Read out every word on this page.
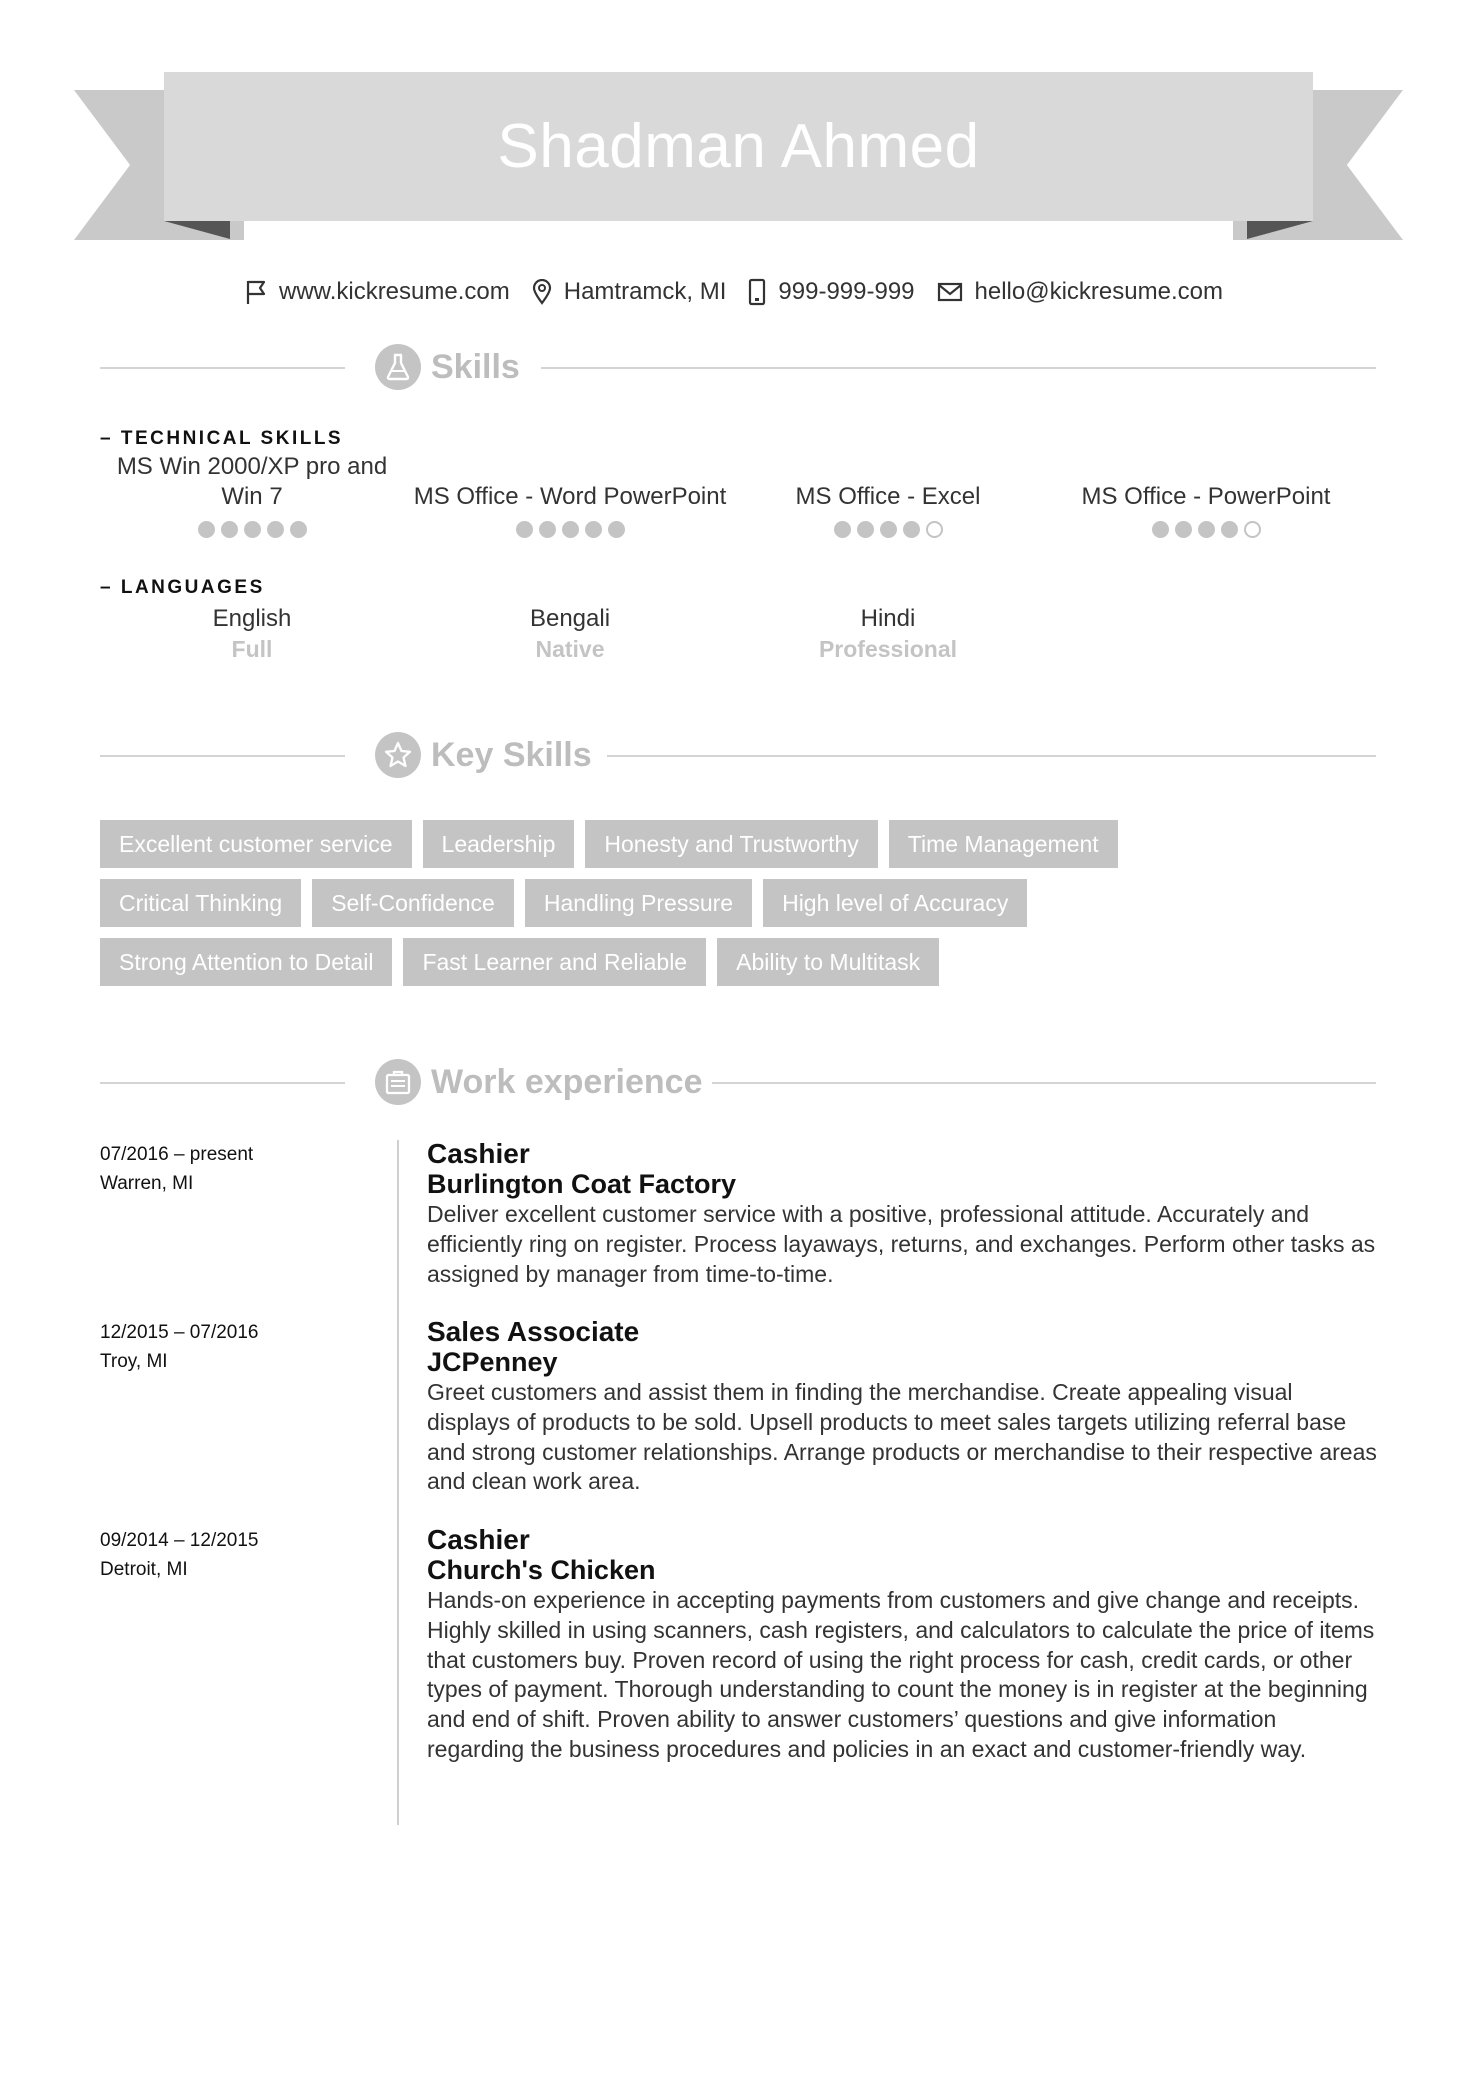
Shadman Ahmed
www.kickresume.com Hamtramck, MI 999-999-999	hello@kickresume.com
Skills
– TECHNICAL SKILLS
MS Win 2000/XP pro and Win 7	MS Office - Word PowerPoint	MS Office - Excel	MS Office - PowerPoint
– LANGUAGES
English
Full
Bengali
Native
Hindi
Professional
Key Skills
Excellent customer service	Leadership	Honesty and Trustworthy	Time Management
Critical Thinking	Self-Confidence	Handling Pressure	High level of Accuracy
Strong Attention to Detail	Fast Learner and Reliable	Ability to Multitask
Work experience
07/2016 – present
Warren, MI
Cashier
Burlington Coat Factory
Deliver excellent customer service with a positive, professional attitude. Accurately and efficiently ring on register. Process layaways, returns, and exchanges. Perform other tasks as assigned by manager from time-to-time.
12/2015 – 07/2016
Troy, MI
Sales Associate
JCPenney
Greet customers and assist them in finding the merchandise. Create appealing visual displays of products to be sold. Upsell products to meet sales targets utilizing referral base and strong customer relationships. Arrange products or merchandise to their respective areas and clean work area.
09/2014 – 12/2015
Detroit, MI
Cashier
Church's Chicken
Hands-on experience in accepting payments from customers and give change and receipts. Highly skilled in using scanners, cash registers, and calculators to calculate the price of items that customers buy. Proven record of using the right process for cash, credit cards, or other types of payment. Thorough understanding to count the money is in register at the beginning and end of shift. Proven ability to answer customers’ questions and give information regarding the business procedures and policies in an exact and customer-friendly way.
